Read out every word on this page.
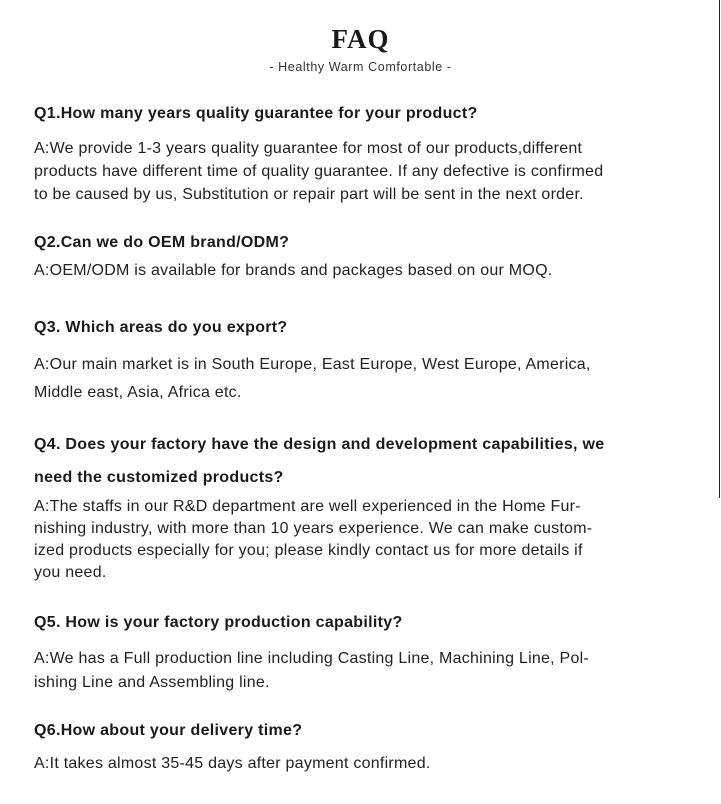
FAQ
- Healthy Warm Comfortable -
Q1.How many years quality guarantee for your product?
A:We provide 1-3 years quality guarantee for most of our products,different
products have different time of quality guarantee. If any defective is confirmed
to be caused by us, Substitution or repair part will be sent in the next order.
Q2.Can we do OEM brand/ODM?
A:OEM/ODM is available for brands and packages based on our MOQ.
Q3. Which areas do you export?
A:Our main market is in South Europe, East Europe, West Europe, America,
Middle east, Asia, Africa etc.
Q4. Does your factory have the design and development capabilities, we
need the customized products?
A:The staffs in our R&D department are well experienced in the Home Fur-
nishing industry, with more than 10 years experience. We can make custom-
ized products especially for you; please kindly contact us for more details if
you need.
Q5. How is your factory production capability?
A:We has a Full production line including Casting Line, Machining Line, Pol-
ishing Line and Assembling line.
Q6.How about your delivery time?
A:It takes almost 35-45 days after payment confirmed.
